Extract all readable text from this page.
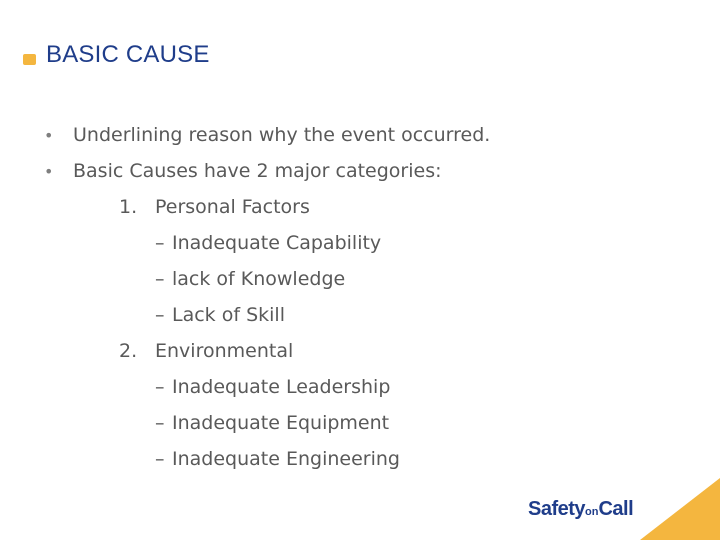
BASIC CAUSE
• Underlining reason why the event occurred.
• Basic Causes have 2 major categories:
1. Personal Factors
– Inadequate Capability
– lack of Knowledge
– Lack of Skill
2. Environmental
– Inadequate Leadership
– Inadequate Equipment
– Inadequate Engineering
SafetyonCall
